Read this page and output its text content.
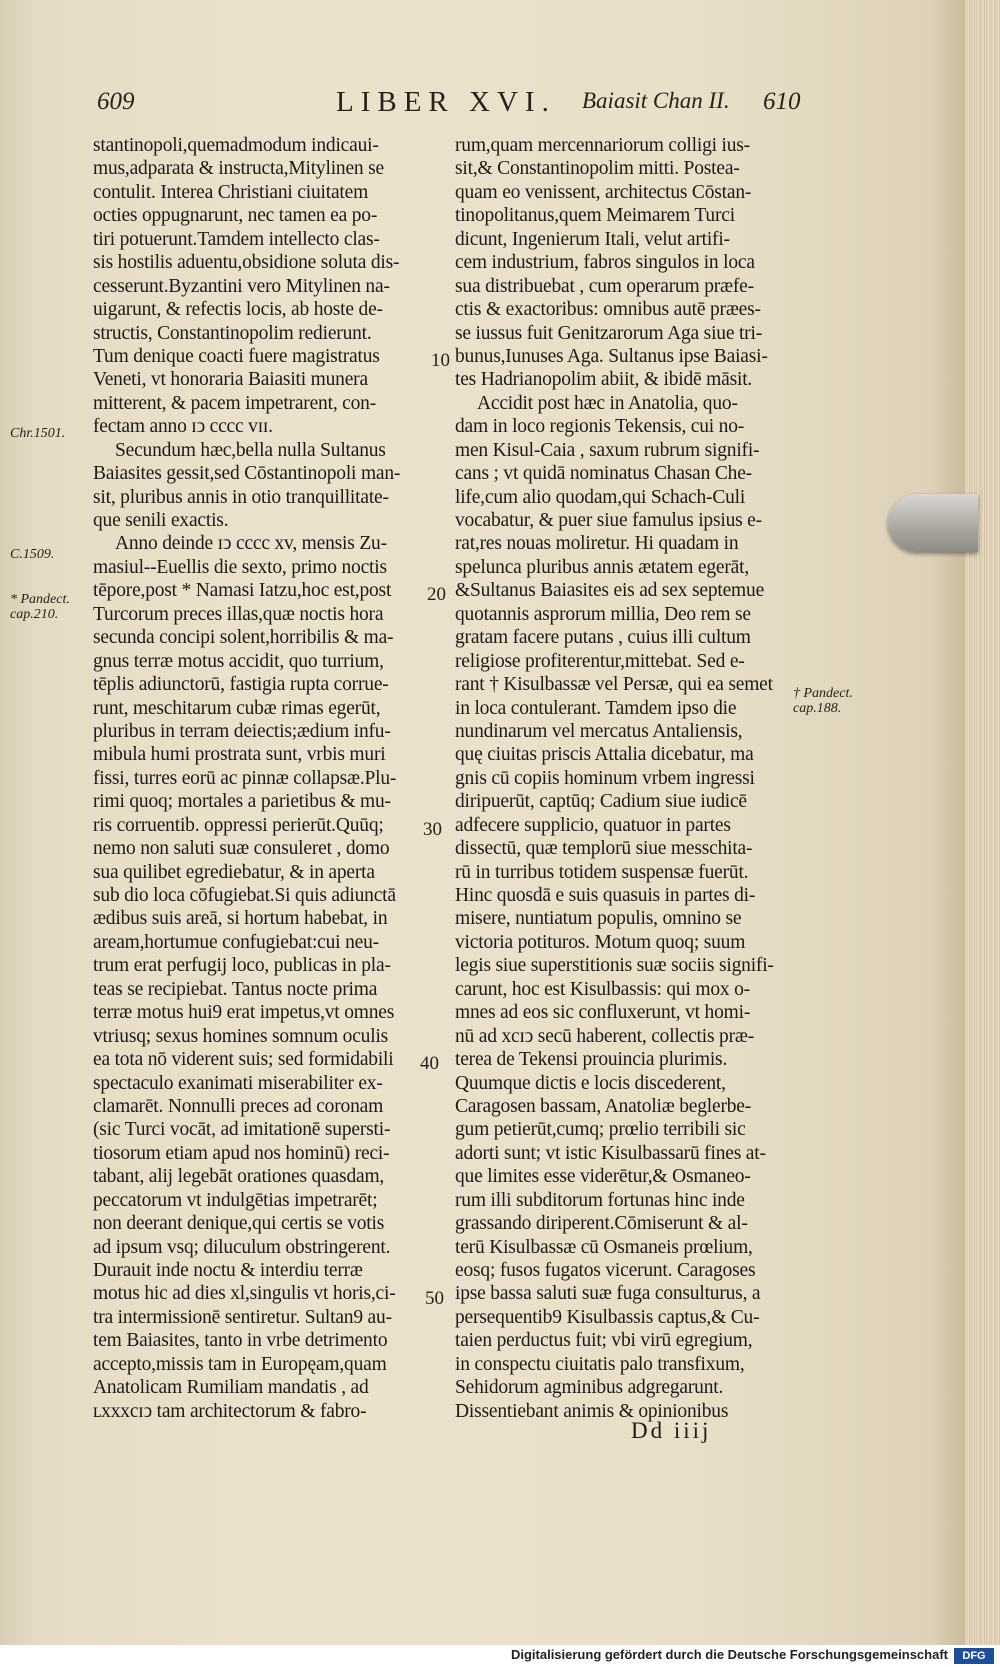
609	LIBER XVI. Baiasit Chan II. 610
stantinopoli,quemadmodum indicaui-
mus,adparata & instructa,Mitylinen se
contulit. Interea Christiani ciuitatem
octies oppugnarunt, nec tamen ea po-
tiri potuerunt.Tamdem intellecto clas-
sis hostilis aduentu,obsidione soluta dis-
cesserunt.Byzantini vero Mitylinen na-
uigarunt, & refectis locis, ab hoste de-
structis, Constantinopolim redierunt.
Tum denique coacti fuere magistratus
Veneti, vt honoraria Baiasiti munera
mitterent, & pacem impetrarent, con-
fectam anno ɪↄ cccc vɪɪ.
Secundum hæc,bella nulla Sultanus
Baiasites gessit,sed Cōstantinopoli man-
sit, pluribus annis in otio tranquillitate-
que senili exactis.
Anno deinde ɪↄ cccc xv, mensis Zu-
masiul--Euellis die sexto, primo noctis
tēpore,post * Namasi Iatzu,hoc est,post
Turcorum preces illas,quæ noctis hora
secunda concipi solent,horribilis & ma-
gnus terræ motus accidit, quo turrium,
tēplis adiunctorū, fastigia rupta corrue-
runt, meschitarum cubæ rimas egerūt,
pluribus in terram deiectis;ædium infu-
mibula humi prostrata sunt, vrbis muri
fissi, turres eorū ac pinnæ collapsæ.Plu-
rimi quoq; mortales a parietibus & mu-
ris corruentib. oppressi perierūt.Quūq;
nemo non saluti suæ consuleret , domo
sua quilibet egrediebatur, & in aperta
sub dio loca cōfugiebat.Si quis adiunctā
ædibus suis areā, si hortum habebat, in
aream,hortumue confugiebat:cui neu-
trum erat perfugij loco, publicas in pla-
teas se recipiebat. Tantus nocte prima
terræ motus hui9 erat impetus,vt omnes
vtriusq; sexus homines somnum oculis
ea tota nō viderent suis; sed formidabili
spectaculo exanimati miserabiliter ex-
clamarēt. Nonnulli preces ad coronam
(sic Turci vocāt, ad imitationē supersti-
tiosorum etiam apud nos hominū) reci-
tabant, alij legebāt orationes quasdam,
peccatorum vt indulgētias impetrarēt;
non deerant denique,qui certis se votis
ad ipsum vsq; diluculum obstringerent.
Durauit inde noctu & interdiu terræ
motus hic ad dies xl,singulis vt horis,ci-
tra intermissionē sentiretur. Sultan9 au-
tem Baiasites, tanto in vrbe detrimento
accepto,missis tam in Europęam,quam
Anatolicam Rumiliam mandatis , ad
ʟxxxcɪↄ tam architectorum & fabro-
rum,quam mercennariorum colligi ius-
sit,& Constantinopolim mitti. Postea-
quam eo venissent, architectus Cōstan-
tinopolitanus,quem Meimarem Turci
dicunt, Ingenierum Itali, velut artifi-
cem industrium, fabros singulos in loca
sua distribuebat , cum operarum præfe-
ctis & exactoribus: omnibus autē præes-
se iussus fuit Genitzarorum Aga siue tri-
bunus,Iunuses Aga. Sultanus ipse Baiasi-
tes Hadrianopolim abiit, & ibidē māsit.
Accidit post hæc in Anatolia, quo-
dam in loco regionis Tekensis, cui no-
men Kisul-Caia , saxum rubrum signifi-
cans ; vt quidā nominatus Chasan Che-
life,cum alio quodam,qui Schach-Culi
vocabatur, & puer siue famulus ipsius e-
rat,res nouas moliretur. Hi quadam in
spelunca pluribus annis ætatem egerāt,
&Sultanus Baiasites eis ad sex septemue
quotannis asprorum millia, Deo rem se
gratam facere putans , cuius illi cultum
religiose profiterentur,mittebat. Sed e-
rant † Kisulbassæ vel Persæ, qui ea semet
in loca contulerant. Tamdem ipso die
nundinarum vel mercatus Antaliensis,
quę ciuitas priscis Attalia dicebatur, ma
gnis cū copiis hominum vrbem ingressi
diripuerūt, captūq; Cadium siue iudicē
adfecere supplicio, quatuor in partes
dissectū, quæ templorū siue messchita-
rū in turribus totidem suspensæ fuerūt.
Hinc quosdā e suis quasuis in partes di-
misere, nuntiatum populis, omnino se
victoria potituros. Motum quoq; suum
legis siue superstitionis suæ sociis signifi-
carunt, hoc est Kisulbassis: qui mox o-
mnes ad eos sic confluxerunt, vt homi-
nū ad xcɪↄ secū haberent, collectis præ-
terea de Tekensi prouincia plurimis.
Quumque dictis e locis discederent,
Caragosen bassam, Anatoliæ beglerbe-
gum petierūt,cumq; prœlio terribili sic
adorti sunt; vt istic Kisulbassarū fines at-
que limites esse viderētur,& Osmaneo-
rum illi subditorum fortunas hinc inde
grassando diriperent.Cōmiserunt & al-
terū Kisulbassæ cū Osmaneis prœlium,
eosq; fusos fugatos vicerunt. Caragoses
ipse bassa saluti suæ fuga consulturus, a
persequentib9 Kisulbassis captus,& Cu-
taien perductus fuit; vbi virū egregium,
in conspectu ciuitatis palo transfixum,
Sehidorum agminibus adgregarunt.
Dissentiebant animis & opinionibus
10
20
30
40
50
Chr.1501.
C.1509.
* Pandect. cap.210.
† Pandect. cap.188.
Dd iiij
Digitalisierung gefördert durch die Deutsche Forschungsgemeinschaft	DFG
